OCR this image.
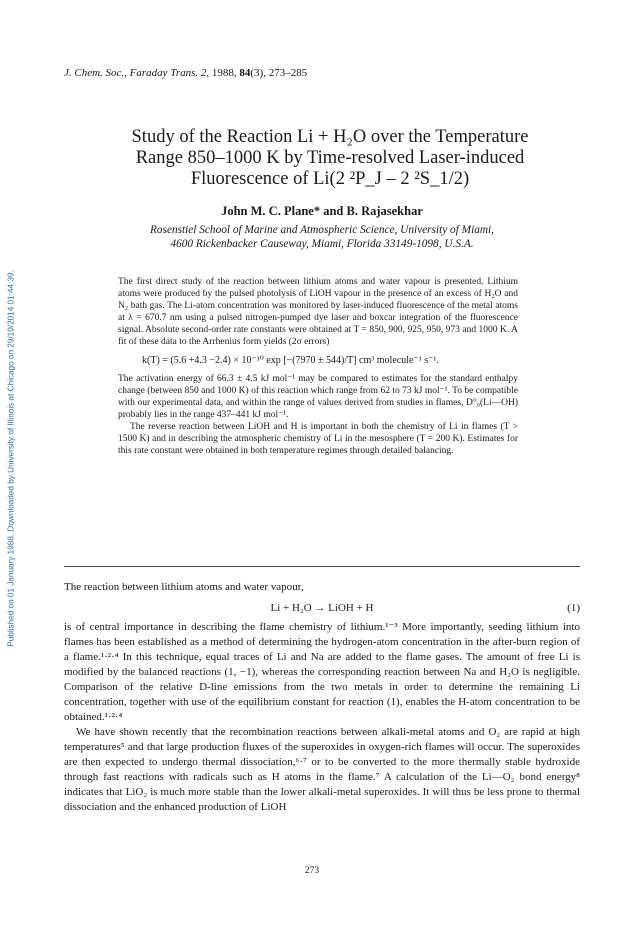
Published on 01 January 1988. Downloaded by University of Illinois at Chicago on 29/10/2014 01:44:39.
J. Chem. Soc., Faraday Trans. 2, 1988, 84(3), 273–285
Study of the Reaction Li + H₂O over the Temperature
Range 850–1000 K by Time-resolved Laser-induced
Fluorescence of Li(2 ²P_J – 2 ²S_1/2)
John M. C. Plane* and B. Rajasekhar
Rosenstiel School of Marine and Atmospheric Science, University of Miami,
4600 Rickenbacker Causeway, Miami, Florida 33149-1098, U.S.A.

The first direct study of the reaction between lithium atoms and water vapour is presented. Lithium atoms were produced by the pulsed photolysis of LiOH vapour in the presence of an excess of H₂O and N₂ bath gas. The Li-atom concentration was monitored by laser-induced fluorescence of the metal atoms at λ = 670.7 nm using a pulsed nitrogen-pumped dye laser and boxcar integration of the fluorescence signal. Absolute second-order rate constants were obtained at T = 850, 900, 925, 950, 973 and 1000 K. A fit of these data to the Arrhenius form yields (2σ errors)

k(T) = (5.6 +4.3 −2.4) × 10⁻¹⁰ exp [−(7970 ± 544)/T] cm³ molecule⁻¹ s⁻¹.

The activation energy of 66.3 ± 4.5 kJ mol⁻¹ may be compared to estimates for the standard enthalpy change (between 850 and 1000 K) of this reaction which range from 62 to 73 kJ mol⁻¹. To be compatible with our experimental data, and within the range of values derived from studies in flames, D°₀(Li—OH) probably lies in the range 437–441 kJ mol⁻¹.

The reverse reaction between LiOH and H is important in both the chemistry of Li in flames (T > 1500 K) and in describing the atmospheric chemistry of Li in the mesosphere (T = 200 K). Estimates for this rate constant were obtained in both temperature regimes through detailed balancing.

The reaction between lithium atoms and water vapour,

Li + H₂O → LiOH + H	(1)

is of central importance in describing the flame chemistry of lithium.¹⁻³ More importantly, seeding lithium into flames has been established as a method of determining the hydrogen-atom concentration in the after-burn region of a flame.¹·²·⁴ In this technique, equal traces of Li and Na are added to the flame gases. The amount of free Li is modified by the balanced reactions (1, −1), whereas the corresponding reaction between Na and H₂O is negligible. Comparison of the relative D-line emissions from the two metals in order to determine the remaining Li concentration, together with use of the equilibrium constant for reaction (1), enables the H-atom concentration to be obtained.¹·²·⁴

We have shown recently that the recombination reactions between alkali-metal atoms and O₂ are rapid at high temperatures⁵ and that large production fluxes of the superoxides in oxygen-rich flames will occur. The superoxides are then expected to undergo thermal dissociation,⁶·⁷ or to be converted to the more thermally stable hydroxide through fast reactions with radicals such as H atoms in the flame.⁷ A calculation of the Li—O₂ bond energy⁸ indicates that LiO₂ is much more stable than the lower alkali-metal superoxides. It will thus be less prone to thermal dissociation and the enhanced production of LiOH

273
